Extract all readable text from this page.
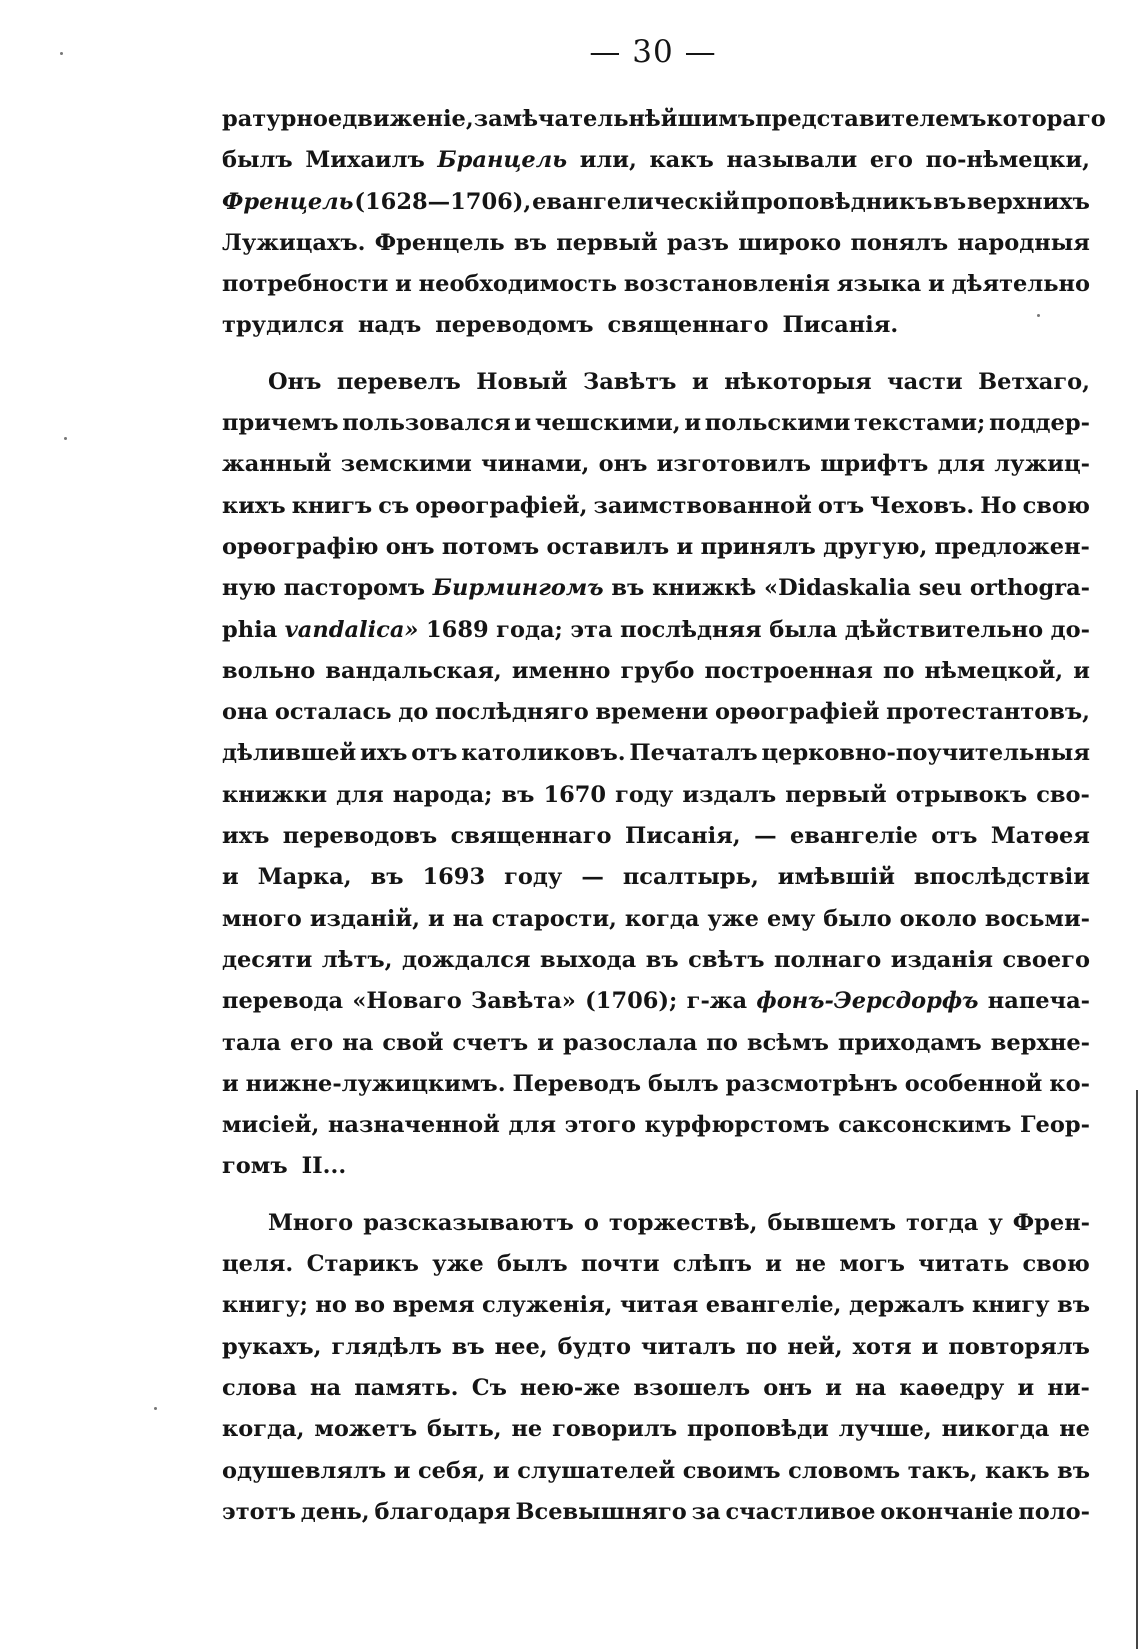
— 30 —
ратурное движеніе, замѣчательнѣйшимъ представителемъ котораго
былъ Михаилъ Бранцель или, какъ называли его по-нѣмецки,
Френцель (1628—1706), евангелическій проповѣдникъ въ верхнихъ
Лужицахъ. Френцель въ первый разъ широко понялъ народныя
потребности и необходимость возстановленія языка и дѣятельно
трудился надъ переводомъ священнаго Писанія.
Онъ перевелъ Новый Завѣтъ и нѣкоторыя части Ветхаго,
причемъ пользовался и чешскими, и польскими текстами; поддер-
жанный земскими чинами, онъ изготовилъ шрифтъ для лужиц-
кихъ книгъ съ орѳографіей, заимствованной отъ Чеховъ. Но свою
орѳографію онъ потомъ оставилъ и принялъ другую, предложен-
ную пасторомъ Бирмингомъ въ книжкѣ «Didaskalia seu orthogra-
phia vandalica» 1689 года; эта послѣдняя была дѣйствительно до-
вольно вандальская, именно грубо построенная по нѣмецкой, и
она осталась до послѣдняго времени орѳографіей протестантовъ,
дѣлившей ихъ отъ католиковъ. Печаталъ церковно-поучительныя
книжки для народа; въ 1670 году издалъ первый отрывокъ сво-
ихъ переводовъ священнаго Писанія, — евангеліе отъ Матѳея
и Марка, въ 1693 году — псалтырь, имѣвшій впослѣдствіи
много изданій, и на старости, когда уже ему было около восьми-
десяти лѣтъ, дождался выхода въ свѣтъ полнаго изданія своего
перевода «Новаго Завѣта» (1706); г-жа фонъ-Эерсдорфъ напеча-
тала его на свой счетъ и разослала по всѣмъ приходамъ верхне-
и нижне-лужицкимъ. Переводъ былъ разсмотрѣнъ особенной ко-
мисіей, назначенной для этого курфюрстомъ саксонскимъ Геор-
гомъ II...
Много разсказываютъ о торжествѣ, бывшемъ тогда у Френ-
целя. Старикъ уже былъ почти слѣпъ и не могъ читать свою
книгу; но во время служенія, читая евангеліе, держалъ книгу въ
рукахъ, глядѣлъ въ нее, будто читалъ по ней, хотя и повторялъ
слова на память. Съ нею-же взошелъ онъ и на каѳедру и ни-
когда, можетъ быть, не говорилъ проповѣди лучше, никогда не
одушевлялъ и себя, и слушателей своимъ словомъ такъ, какъ въ
этотъ день, благодаря Всевышняго за счастливое окончаніе поло-
